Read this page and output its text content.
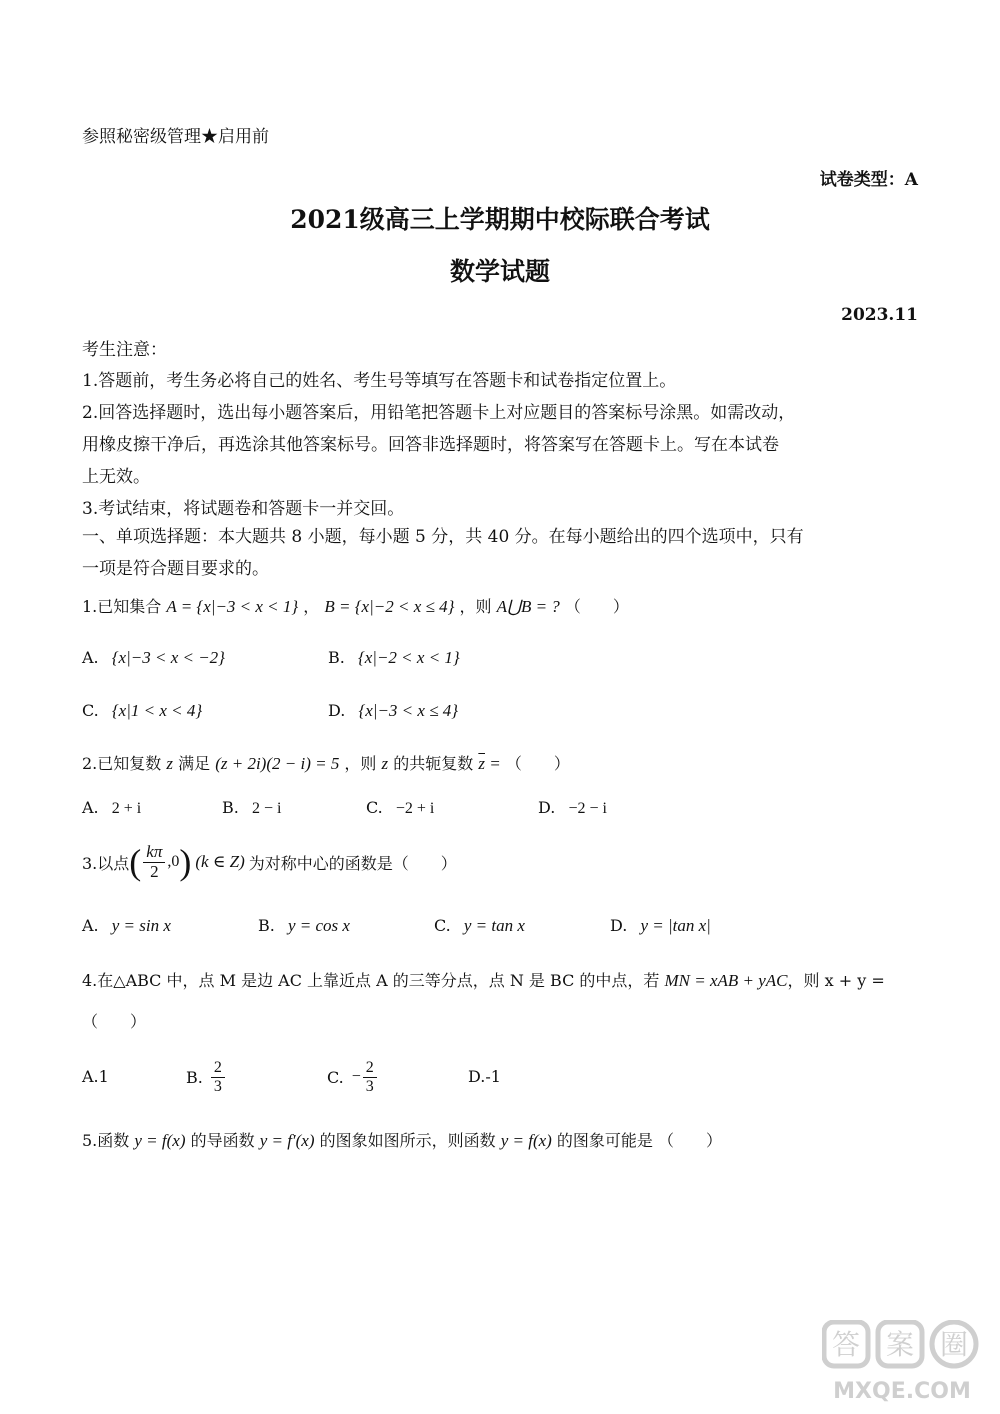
参照秘密级管理★启用前
试卷类型：A
2021级高三上学期期中校际联合考试
数学试题
2023.11
考生注意：
1.答题前，考生务必将自己的姓名、考生号等填写在答题卡和试卷指定位置上。
2.回答选择题时，选出每小题答案后，用铅笔把答题卡上对应题目的答案标号涂黑。如需改动，
用橡皮擦干净后，再选涂其他答案标号。回答非选择题时，将答案写在答题卡上。写在本试卷
上无效。
3.考试结束，将试题卷和答题卡一并交回。
一、单项选择题：本大题共 8 小题，每小题 5 分，共 40 分。在每小题给出的四个选项中，只有
一项是符合题目要求的。
1.已知集合 A = {x|−3 < x < 1} ， B = {x|−2 < x ≤ 4} ，则 A⋃B = ? （　　）
A. {x|−3 < x < −2}	B. {x|−2 < x < 1}
C. {x|1 < x < 4}	D. {x|−3 < x ≤ 4}
2.已知复数 z 满足 (z + 2i)(2 − i) = 5 ，则 z 的共轭复数 $\overline{z}$ = （　　）
A. 2 + i	B. 2 − i	C. −2 + i	D. −2 − i
3.以点 ( $\frac{k\pi}{2} ,0$ ) (k ∈ Z) 为对称中心的函数是 （　　）
A. y = sin x	B. y = cos x	C. y = tan x	D. y = |tan x|
4.在△ABC 中，点 M 是边 AC 上靠近点 A 的三等分点，点 N 是 BC 的中点，若 MN = xAB + yAC，则 x + y =
（　　）
A.1	B. $\frac{2}{3}$	C. − $\frac{2}{3}$	D.-1
5.函数 y = f(x) 的导函数 y = f′(x) 的图象如图所示，则函数 y = f(x) 的图象可能是 （　　）
答 案 圈
MXQE.COM
